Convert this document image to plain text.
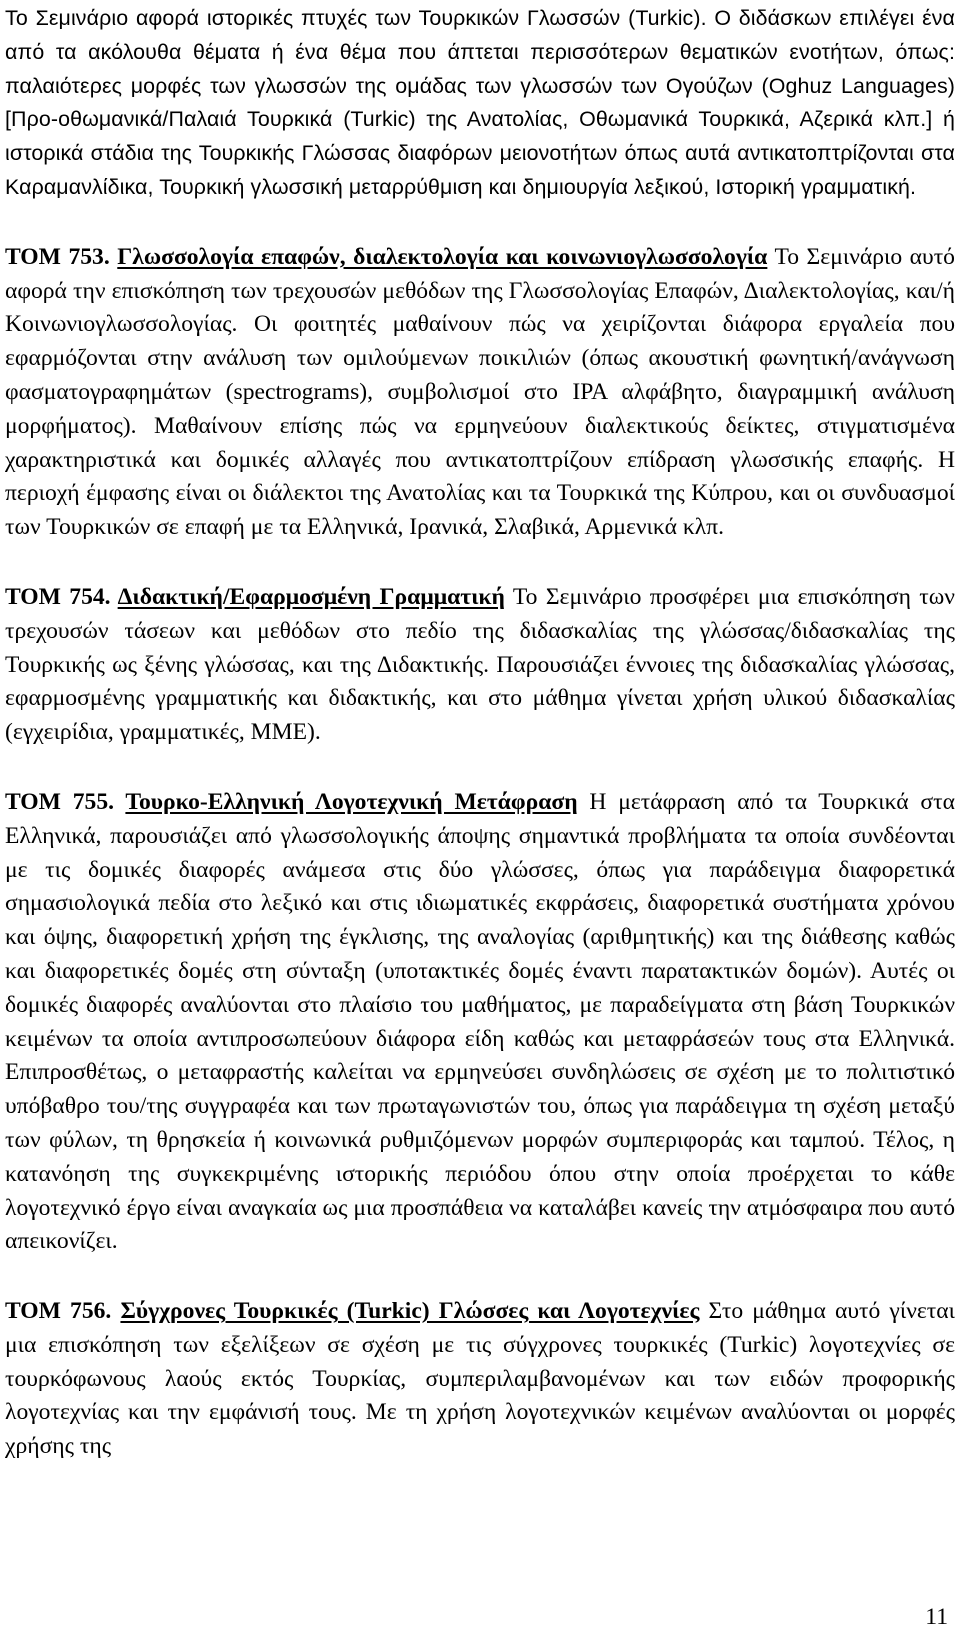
Το Σεμινάριο αφορά ιστορικές πτυχές των Τουρκικών Γλωσσών (Turkic). Ο διδάσκων επιλέγει ένα από τα ακόλουθα θέματα ή ένα θέμα που άπτεται περισσότερων θεματικών ενοτήτων, όπως: παλαιότερες μορφές των γλωσσών της ομάδας των γλωσσών των Ογούζων (Oghuz Languages) [Προ-οθωμανικά/Παλαιά Τουρκικά (Turkic) της Ανατολίας, Οθωμανικά Τουρκικά, Αζερικά κλπ.] ή ιστορικά στάδια της Τουρκικής Γλώσσας διαφόρων μειονοτήτων όπως αυτά αντικατοπτρίζονται στα Καραμανλίδικα, Τουρκική γλωσσική μεταρρύθμιση και δημιουργία λεξικού, Ιστορική γραμματική.

ΤΟΜ 753. Γλωσσολογία επαφών, διαλεκτολογία και κοινωνιογλωσσολογία Το Σεμινάριο αυτό αφορά την επισκόπηση των τρεχουσών μεθόδων της Γλωσσολογίας Επαφών, Διαλεκτολογίας, και/ή Κοινωνιογλωσσολογίας. Οι φοιτητές μαθαίνουν πώς να χειρίζονται διάφορα εργαλεία που εφαρμόζονται στην ανάλυση των ομιλούμενων ποικιλιών (όπως ακουστική φωνητική/ανάγνωση φασματογραφημάτων (spectrograms), συμβολισμοί στο IPA αλφάβητο, διαγραμμική ανάλυση μορφήματος). Μαθαίνουν επίσης πώς να ερμηνεύουν διαλεκτικούς δείκτες, στιγματισμένα χαρακτηριστικά και δομικές αλλαγές που αντικατοπτρίζουν επίδραση γλωσσικής επαφής. Η περιοχή έμφασης είναι οι διάλεκτοι της Ανατολίας και τα Τουρκικά της Κύπρου, και οι συνδυασμοί των Τουρκικών σε επαφή με τα Ελληνικά, Ιρανικά, Σλαβικά, Αρμενικά κλπ.

ΤΟΜ 754. Διδακτική/Εφαρμοσμένη Γραμματική Το Σεμινάριο προσφέρει μια επισκόπηση των τρεχουσών τάσεων και μεθόδων στο πεδίο της διδασκαλίας της γλώσσας/διδασκαλίας της Τουρκικής ως ξένης γλώσσας, και της Διδακτικής. Παρουσιάζει έννοιες της διδασκαλίας γλώσσας, εφαρμοσμένης γραμματικής και διδακτικής, και στο μάθημα γίνεται χρήση υλικού διδασκαλίας (εγχειρίδια, γραμματικές, ΜΜΕ).

ΤΟΜ 755. Τουρκο-Ελληνική Λογοτεχνική Μετάφραση Η μετάφραση από τα Τουρκικά στα Ελληνικά, παρουσιάζει από γλωσσολογικής άποψης σημαντικά προβλήματα τα οποία συνδέονται με τις δομικές διαφορές ανάμεσα στις δύο γλώσσες, όπως για παράδειγμα διαφορετικά σημασιολογικά πεδία στο λεξικό και στις ιδιωματικές εκφράσεις, διαφορετικά συστήματα χρόνου και όψης, διαφορετική χρήση της έγκλισης, της αναλογίας (αριθμητικής) και της διάθεσης καθώς και διαφορετικές δομές στη σύνταξη (υποτακτικές δομές έναντι παρατακτικών δομών). Αυτές οι δομικές διαφορές αναλύονται στο πλαίσιο του μαθήματος, με παραδείγματα στη βάση Τουρκικών κειμένων τα οποία αντιπροσωπεύουν διάφορα είδη καθώς και μεταφράσεών τους στα Ελληνικά. Επιπροσθέτως, ο μεταφραστής καλείται να ερμηνεύσει συνδηλώσεις σε σχέση με το πολιτιστικό υπόβαθρο του/της συγγραφέα και των πρωταγωνιστών του, όπως για παράδειγμα τη σχέση μεταξύ των φύλων, τη θρησκεία ή κοινωνικά ρυθμιζόμενων μορφών συμπεριφοράς και ταμπού. Τέλος, η κατανόηση της συγκεκριμένης ιστορικής περιόδου όπου στην οποία προέρχεται το κάθε λογοτεχνικό έργο είναι αναγκαία ως μια προσπάθεια να καταλάβει κανείς την ατμόσφαιρα που αυτό απεικονίζει.

ΤΟΜ 756. Σύγχρονες Τουρκικές (Turkic) Γλώσσες και Λογοτεχνίες Στο μάθημα αυτό γίνεται μια επισκόπηση των εξελίξεων σε σχέση με τις σύγχρονες τουρκικές (Turkic) λογοτεχνίες σε τουρκόφωνους λαούς εκτός Τουρκίας, συμπεριλαμβανομένων και των ειδών προφορικής λογοτεχνίας και την εμφάνισή τους. Με τη χρήση λογοτεχνικών κειμένων αναλύονται οι μορφές χρήσης της

11
